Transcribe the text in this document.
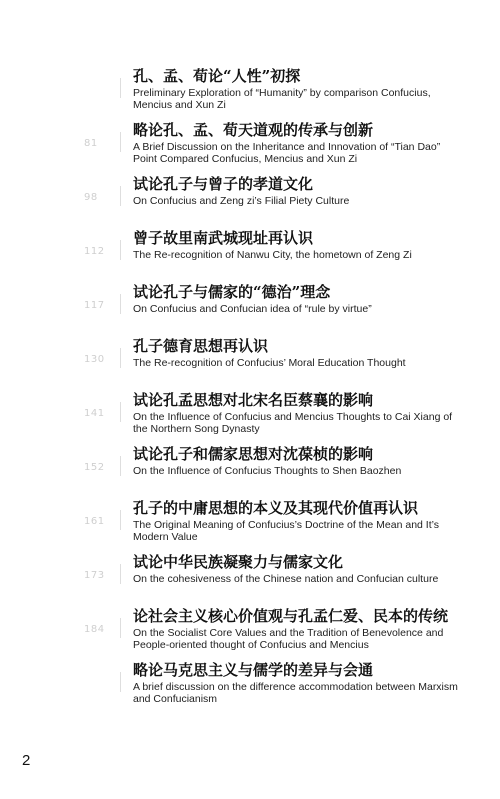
孔、孟、荀论“人性”初探
Preliminary Exploration of “Humanity” by comparison Confucius, Mencius and Xun Zi
81
略论孔、孟、荀天道观的传承与创新
A Brief Discussion on the Inheritance and Innovation of “Tian Dao” Point Compared Confucius, Mencius and Xun Zi
98
试论孔子与曾子的孝道文化
On Confucius and Zeng zi’s Filial Piety Culture
112
曾子故里南武城现址再认识
The Re-recognition of Nanwu City, the hometown of Zeng Zi
117
试论孔子与儒家的“德治”理念
On Confucius and Confucian idea of “rule by virtue”
130
孔子德育思想再认识
The Re-recognition of Confucius’ Moral Education Thought
141
试论孔孟思想对北宋名臣蔡襄的影响
On the Influence of Confucius and Mencius Thoughts to Cai Xiang of the Northern Song Dynasty
152
试论孔子和儒家思想对沈葆桢的影响
On the Influence of Confucius Thoughts to Shen Baozhen
161
孔子的中庸思想的本义及其现代价值再认识
The Original Meaning of Confucius’s Doctrine of the Mean and It’s Modern Value
173
试论中华民族凝聚力与儒家文化
On the cohesiveness of the Chinese nation and Confucian culture
184
论社会主义核心价值观与孔孟仁爱、民本的传统
On the Socialist Core Values and the Tradition of Benevolence and People-oriented thought of Confucius and Mencius
略论马克思主义与儒学的差异与会通
A brief discussion on the difference accommodation between Marxism and Confucianism
2
